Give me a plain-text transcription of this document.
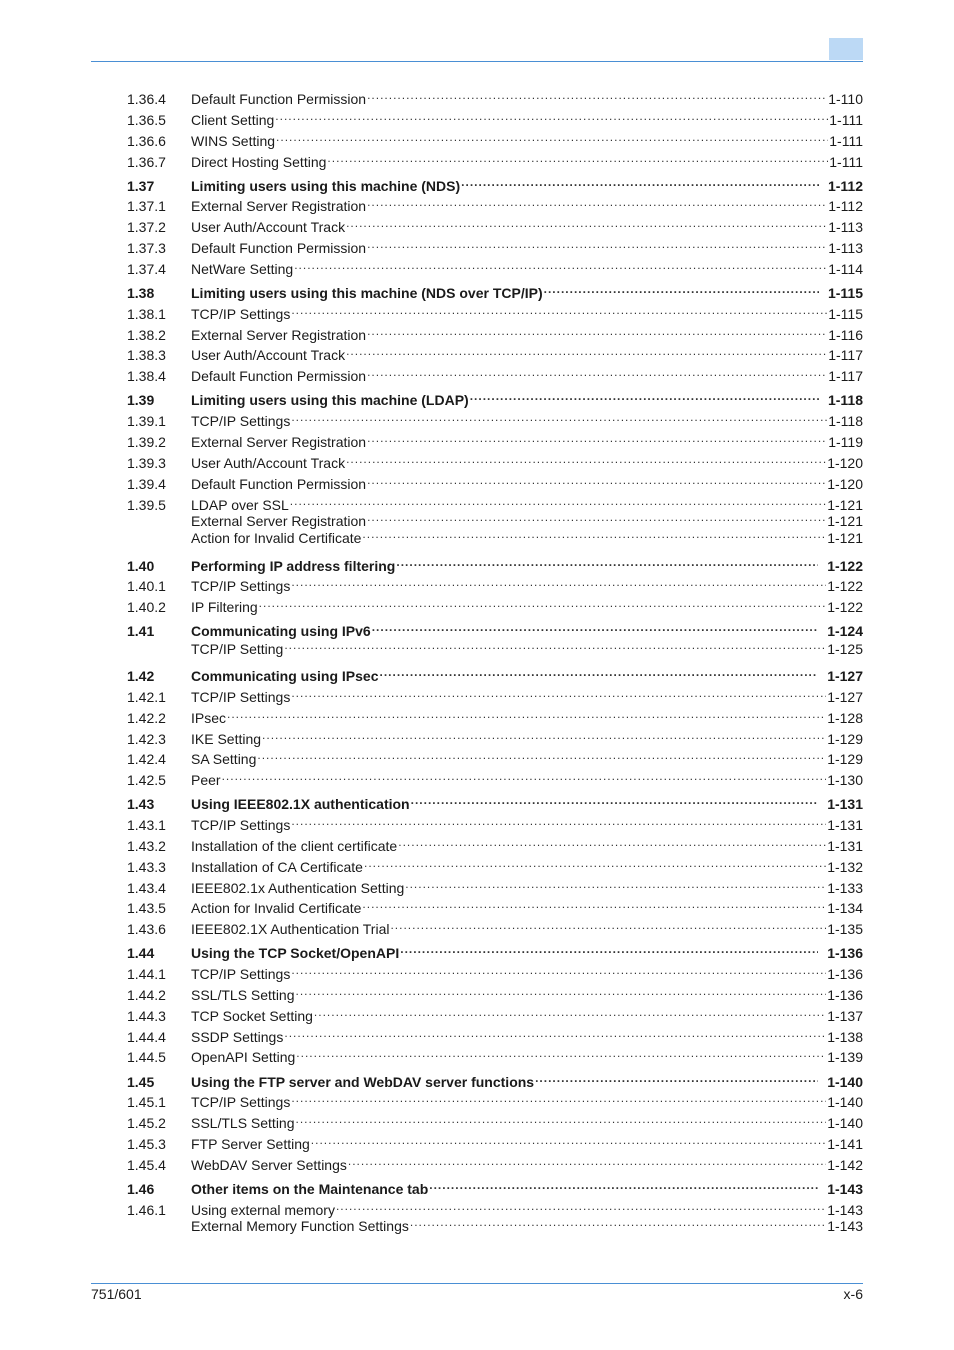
1.36.4	Default Function Permission .....	1-110
1.36.5	Client Setting .....	1-111
1.36.6	WINS Setting .....	1-111
1.36.7	Direct Hosting Setting .....	1-111
1.37	Limiting users using this machine (NDS) .....	1-112
1.37.1	External Server Registration .....	1-112
1.37.2	User Auth/Account Track .....	1-113
1.37.3	Default Function Permission .....	1-113
1.37.4	NetWare Setting .....	1-114
1.38	Limiting users using this machine (NDS over TCP/IP) .....	1-115
1.38.1	TCP/IP Settings .....	1-115
1.38.2	External Server Registration .....	1-116
1.38.3	User Auth/Account Track .....	1-117
1.38.4	Default Function Permission .....	1-117
1.39	Limiting users using this machine (LDAP) .....	1-118
1.39.1	TCP/IP Settings .....	1-118
1.39.2	External Server Registration .....	1-119
1.39.3	User Auth/Account Track .....	1-120
1.39.4	Default Function Permission .....	1-120
1.39.5	LDAP over SSL .....	1-121
External Server Registration .....	1-121
Action for Invalid Certificate .....	1-121
1.40	Performing IP address filtering .....	1-122
1.40.1	TCP/IP Settings .....	1-122
1.40.2	IP Filtering .....	1-122
1.41	Communicating using IPv6 .....	1-124
TCP/IP Setting .....	1-125
1.42	Communicating using IPsec .....	1-127
1.42.1	TCP/IP Settings .....	1-127
1.42.2	IPsec .....	1-128
1.42.3	IKE Setting .....	1-129
1.42.4	SA Setting .....	1-129
1.42.5	Peer .....	1-130
1.43	Using IEEE802.1X authentication .....	1-131
1.43.1	TCP/IP Settings .....	1-131
1.43.2	Installation of the client certificate .....	1-131
1.43.3	Installation of CA Certificate .....	1-132
1.43.4	IEEE802.1x Authentication Setting .....	1-133
1.43.5	Action for Invalid Certificate .....	1-134
1.43.6	IEEE802.1X Authentication Trial .....	1-135
1.44	Using the TCP Socket/OpenAPI .....	1-136
1.44.1	TCP/IP Settings .....	1-136
1.44.2	SSL/TLS Setting .....	1-136
1.44.3	TCP Socket Setting .....	1-137
1.44.4	SSDP Settings .....	1-138
1.44.5	OpenAPI Setting .....	1-139
1.45	Using the FTP server and WebDAV server functions .....	1-140
1.45.1	TCP/IP Settings .....	1-140
1.45.2	SSL/TLS Setting .....	1-140
1.45.3	FTP Server Setting .....	1-141
1.45.4	WebDAV Server Settings .....	1-142
1.46	Other items on the Maintenance tab .....	1-143
1.46.1	Using external memory .....	1-143
External Memory Function Settings .....	1-143
751/601	x-6
